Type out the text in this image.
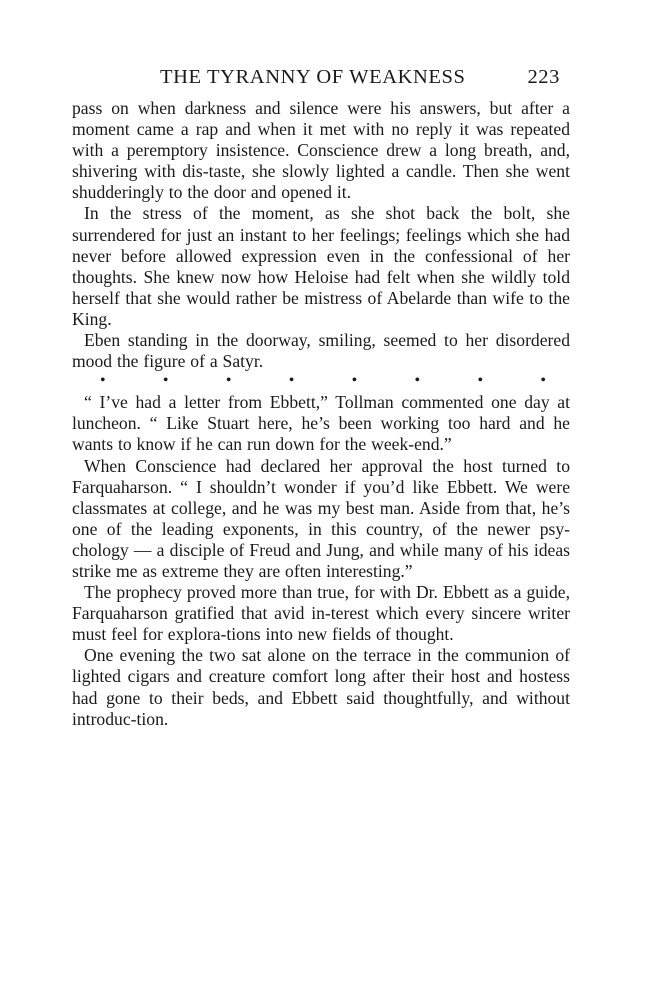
THE TYRANNY OF WEAKNESS	223

pass on when darkness and silence were his answers, but after a moment came a rap and when it met with no reply it was repeated with a peremptory insistence. Conscience drew a long breath, and, shivering with dis-taste, she slowly lighted a candle. Then she went shudderingly to the door and opened it.

In the stress of the moment, as she shot back the bolt, she surrendered for just an instant to her feelings; feelings which she had never before allowed expression even in the confessional of her thoughts. She knew now how Heloise had felt when she wildly told herself that she would rather be mistress of Abelarde than wife to the King.

Eben standing in the doorway, smiling, seemed to her disordered mood the figure of a Satyr.

•	•	•	•	•	•	•	•

“ I’ve had a letter from Ebbett,” Tollman commented one day at luncheon. “ Like Stuart here, he’s been working too hard and he wants to know if he can run down for the week-end.”

When Conscience had declared her approval the host turned to Farquaharson. “ I shouldn’t wonder if you’d like Ebbett. We were classmates at college, and he was my best man. Aside from that, he’s one of the leading exponents, in this country, of the newer psy-chology — a disciple of Freud and Jung, and while many of his ideas strike me as extreme they are often interesting.”

The prophecy proved more than true, for with Dr. Ebbett as a guide, Farquaharson gratified that avid in-terest which every sincere writer must feel for explora-tions into new fields of thought.

One evening the two sat alone on the terrace in the communion of lighted cigars and creature comfort long after their host and hostess had gone to their beds, and Ebbett said thoughtfully, and without introduc-tion.
